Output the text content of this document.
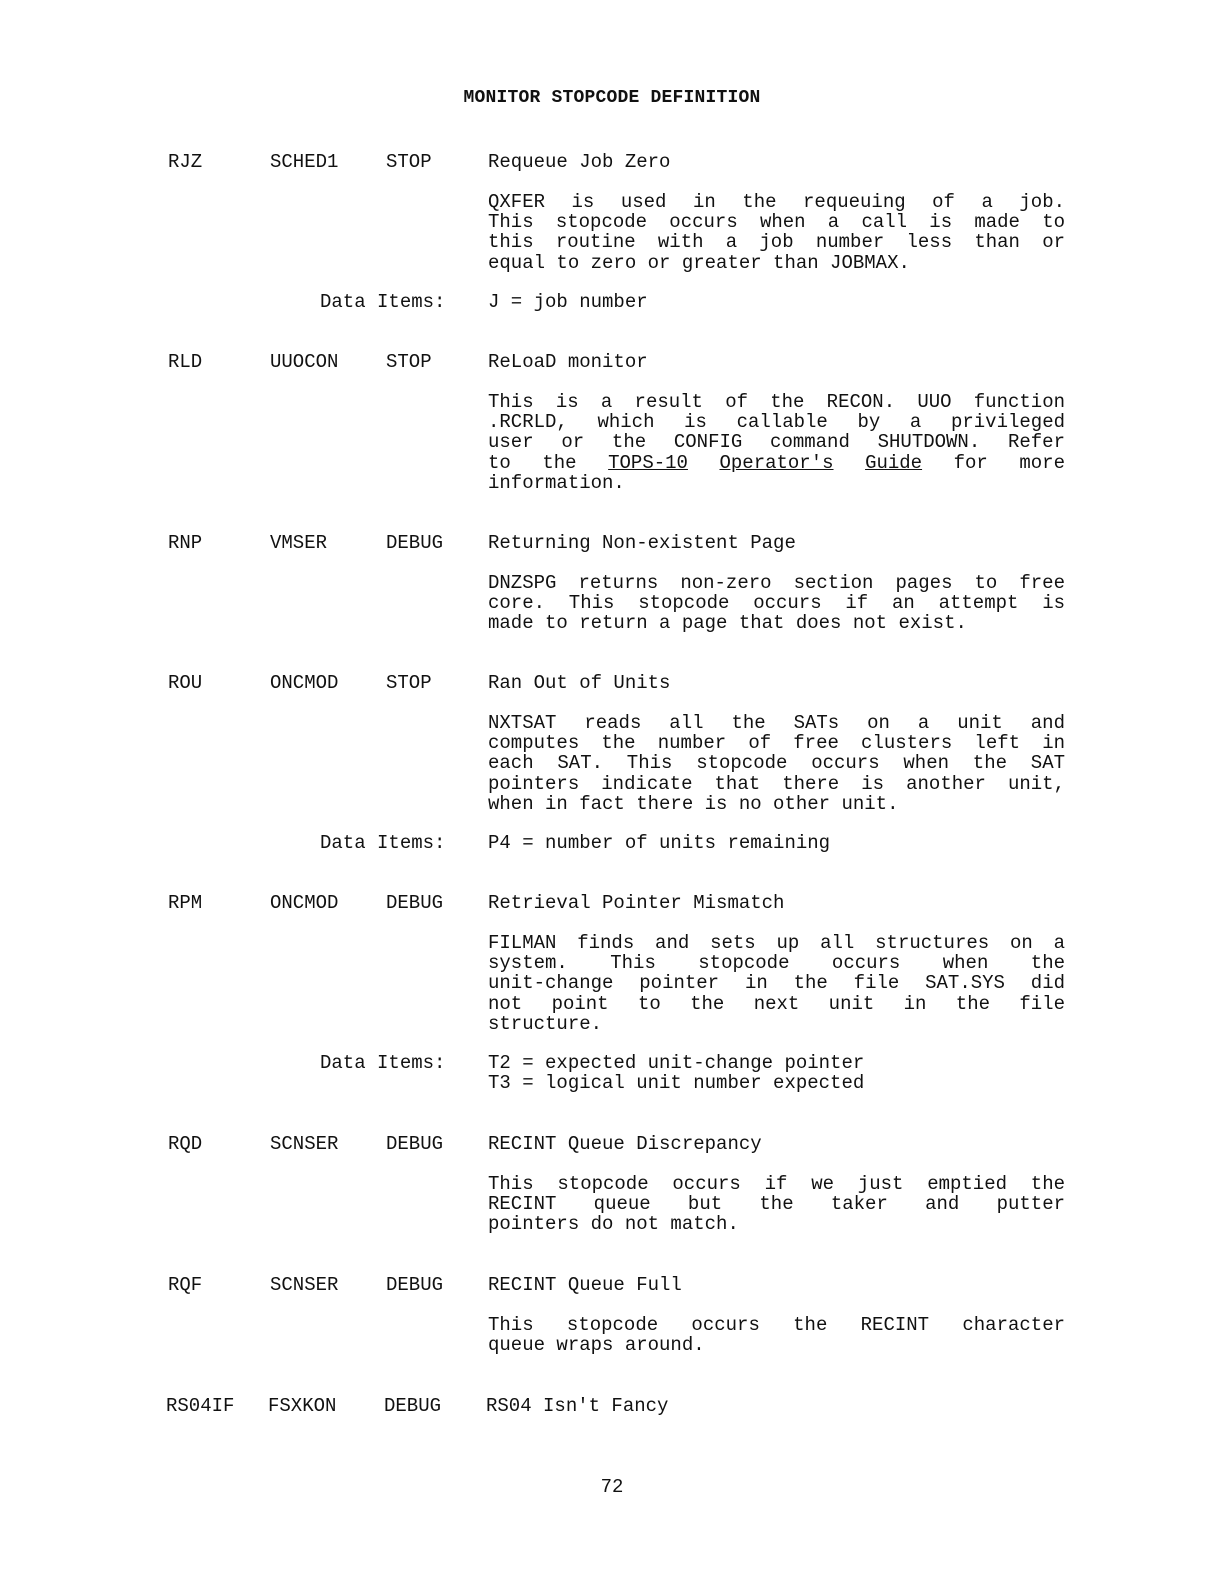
MONITOR STOPCODE DEFINITION
RJZ	SCHED1	STOP	Requeue Job Zero
QXFER is used in the requeuing of a job.
This stopcode occurs when a call is made to
this routine with a job number less than or
equal to zero or greater than JOBMAX.
Data Items: J = job number
RLD	UUOCON	STOP	ReLoaD monitor
This is a result of the RECON. UUO function
.RCRLD, which is callable by a privileged
user or the CONFIG command SHUTDOWN. Refer
to the TOPS-10 Operator's Guide for more
information.
RNP	VMSER	DEBUG Returning Non-existent Page
DNZSPG returns non-zero section pages to free
core. This stopcode occurs if an attempt is
made to return a page that does not exist.
ROU	ONCMOD	STOP	Ran Out of Units
NXTSAT reads all the SATs on a unit and
computes the number of free clusters left in
each SAT. This stopcode occurs when the SAT
pointers indicate that there is another unit,
when in fact there is no other unit.
Data Items: P4 = number of units remaining
RPM	ONCMOD	DEBUG Retrieval Pointer Mismatch
FILMAN finds and sets up all structures on a
system. This stopcode occurs when the
unit-change pointer in the file SAT.SYS did
not point to the next unit in the file
structure.
Data Items: T2 = expected unit-change pointer
T3 = logical unit number expected
RQD	SCNSER	DEBUG RECINT Queue Discrepancy
This stopcode occurs if we just emptied the
RECINT queue but the taker and putter
pointers do not match.
RQF	SCNSER	DEBUG RECINT Queue Full
This stopcode occurs the RECINT character
queue wraps around.
RS04IF FSXKON	DEBUG RS04 Isn't Fancy
72
